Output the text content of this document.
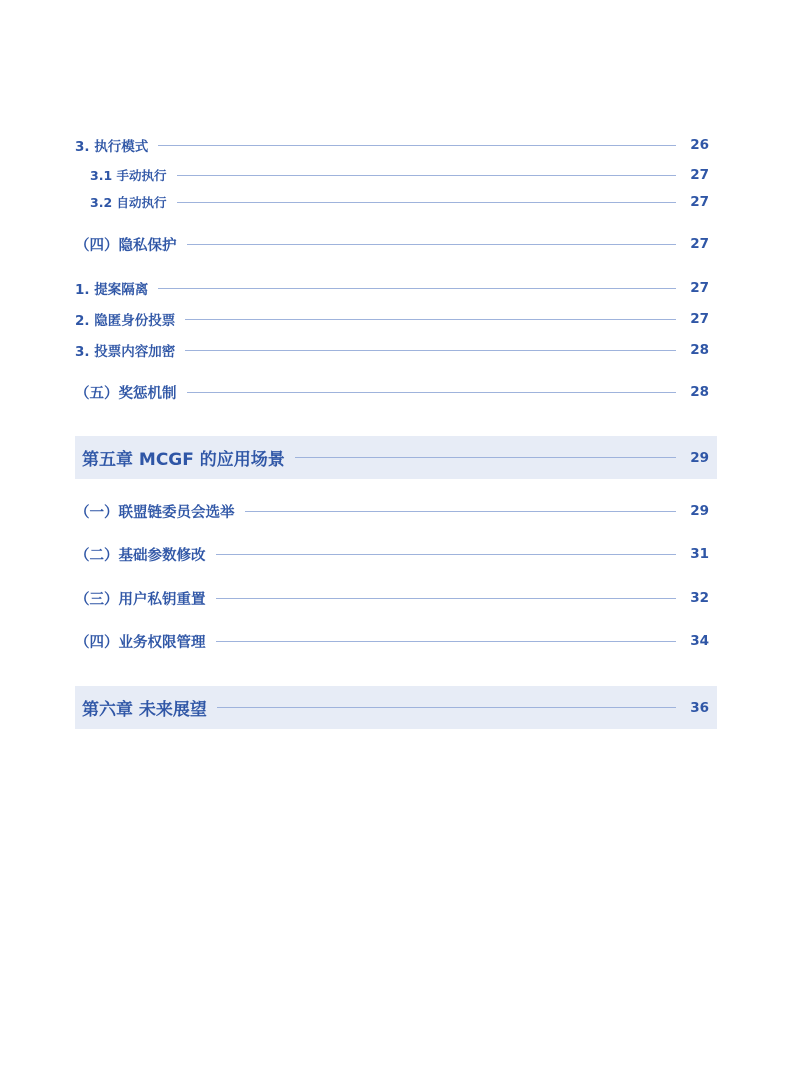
3. 执行模式	26
3.1 手动执行	27
3.2 自动执行	27
（四）隐私保护	27
1. 提案隔离	27
2. 隐匿身份投票	27
3. 投票内容加密	28
（五）奖惩机制	28
第五章 MCGF 的应用场景	29
（一）联盟链委员会选举	29
（二）基础参数修改	31
（三）用户私钥重置	32
（四）业务权限管理	34
第六章 未来展望	36
